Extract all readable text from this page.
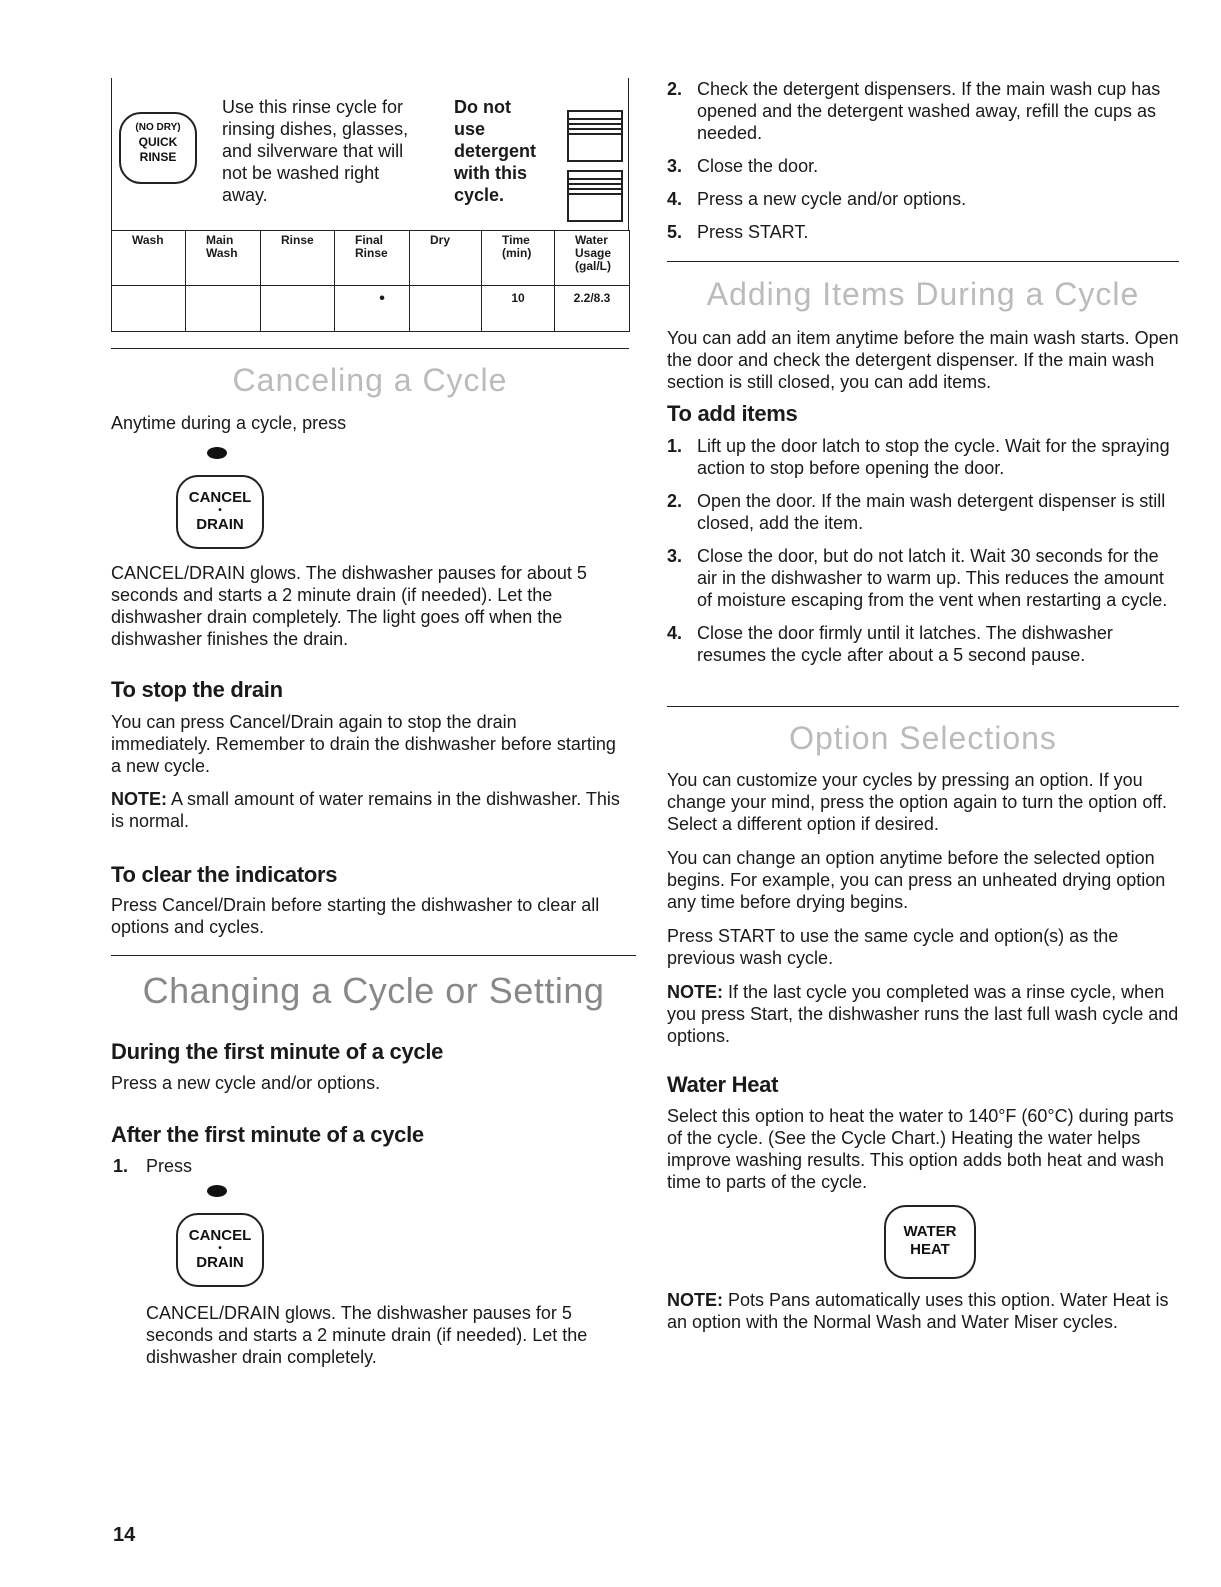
(NO DRY)
QUICK
RINSE
Use this rinse cycle for
rinsing dishes, glasses,
and silverware that will
not be washed right
away.
Do not
use
detergent
with this
cycle.
Wash	Main Wash	Rinse	Final Rinse	Dry	Time (min)	Water Usage (gal/L)
			•		10	2.2/8.3
Canceling a Cycle
Anytime during a cycle, press
CANCEL
•
DRAIN

CANCEL/DRAIN glows. The dishwasher pauses for about 5 seconds and starts a 2 minute drain (if needed). Let the dishwasher drain completely. The light goes off when the dishwasher finishes the drain.

To stop the drain

You can press Cancel/Drain again to stop the drain immediately. Remember to drain the dishwasher before starting a new cycle.

NOTE: A small amount of water remains in the dishwasher. This is normal.

To clear the indicators

Press Cancel/Drain before starting the dishwasher to clear all options and cycles.

Changing a Cycle or Setting
During the first minute of a cycle

Press a new cycle and/or options.

After the first minute of a cycle
1. Press
CANCEL
•
DRAIN

CANCEL/DRAIN glows. The dishwasher pauses for 5 seconds and starts a 2 minute drain (if needed). Let the dishwasher drain completely.

14
2. Check the detergent dispensers. If the main wash cup has opened and the detergent washed away, refill the cups as needed.
3. Close the door.
4. Press a new cycle and/or options.
5. Press START.
Adding Items During a Cycle

You can add an item anytime before the main wash starts. Open the door and check the detergent dispenser. If the main wash section is still closed, you can add items.

To add items
1. Lift up the door latch to stop the cycle. Wait for the spraying action to stop before opening the door.
2. Open the door. If the main wash detergent dispenser is still closed, add the item.
3. Close the door, but do not latch it. Wait 30 seconds for the air in the dishwasher to warm up. This reduces the amount of moisture escaping from the vent when restarting a cycle.
4. Close the door firmly until it latches. The dishwasher resumes the cycle after about a 5 second pause.
Option Selections

You can customize your cycles by pressing an option. If you change your mind, press the option again to turn the option off. Select a different option if desired.

You can change an option anytime before the selected option begins. For example, you can press an unheated drying option any time before drying begins.

Press START to use the same cycle and option(s) as the previous wash cycle.

NOTE: If the last cycle you completed was a rinse cycle, when you press Start, the dishwasher runs the last full wash cycle and options.

Water Heat

Select this option to heat the water to 140°F (60°C) during parts of the cycle. (See the Cycle Chart.) Heating the water helps improve washing results. This option adds both heat and wash time to parts of the cycle.

WATER
HEAT

NOTE: Pots Pans automatically uses this option. Water Heat is an option with the Normal Wash and Water Miser cycles.
